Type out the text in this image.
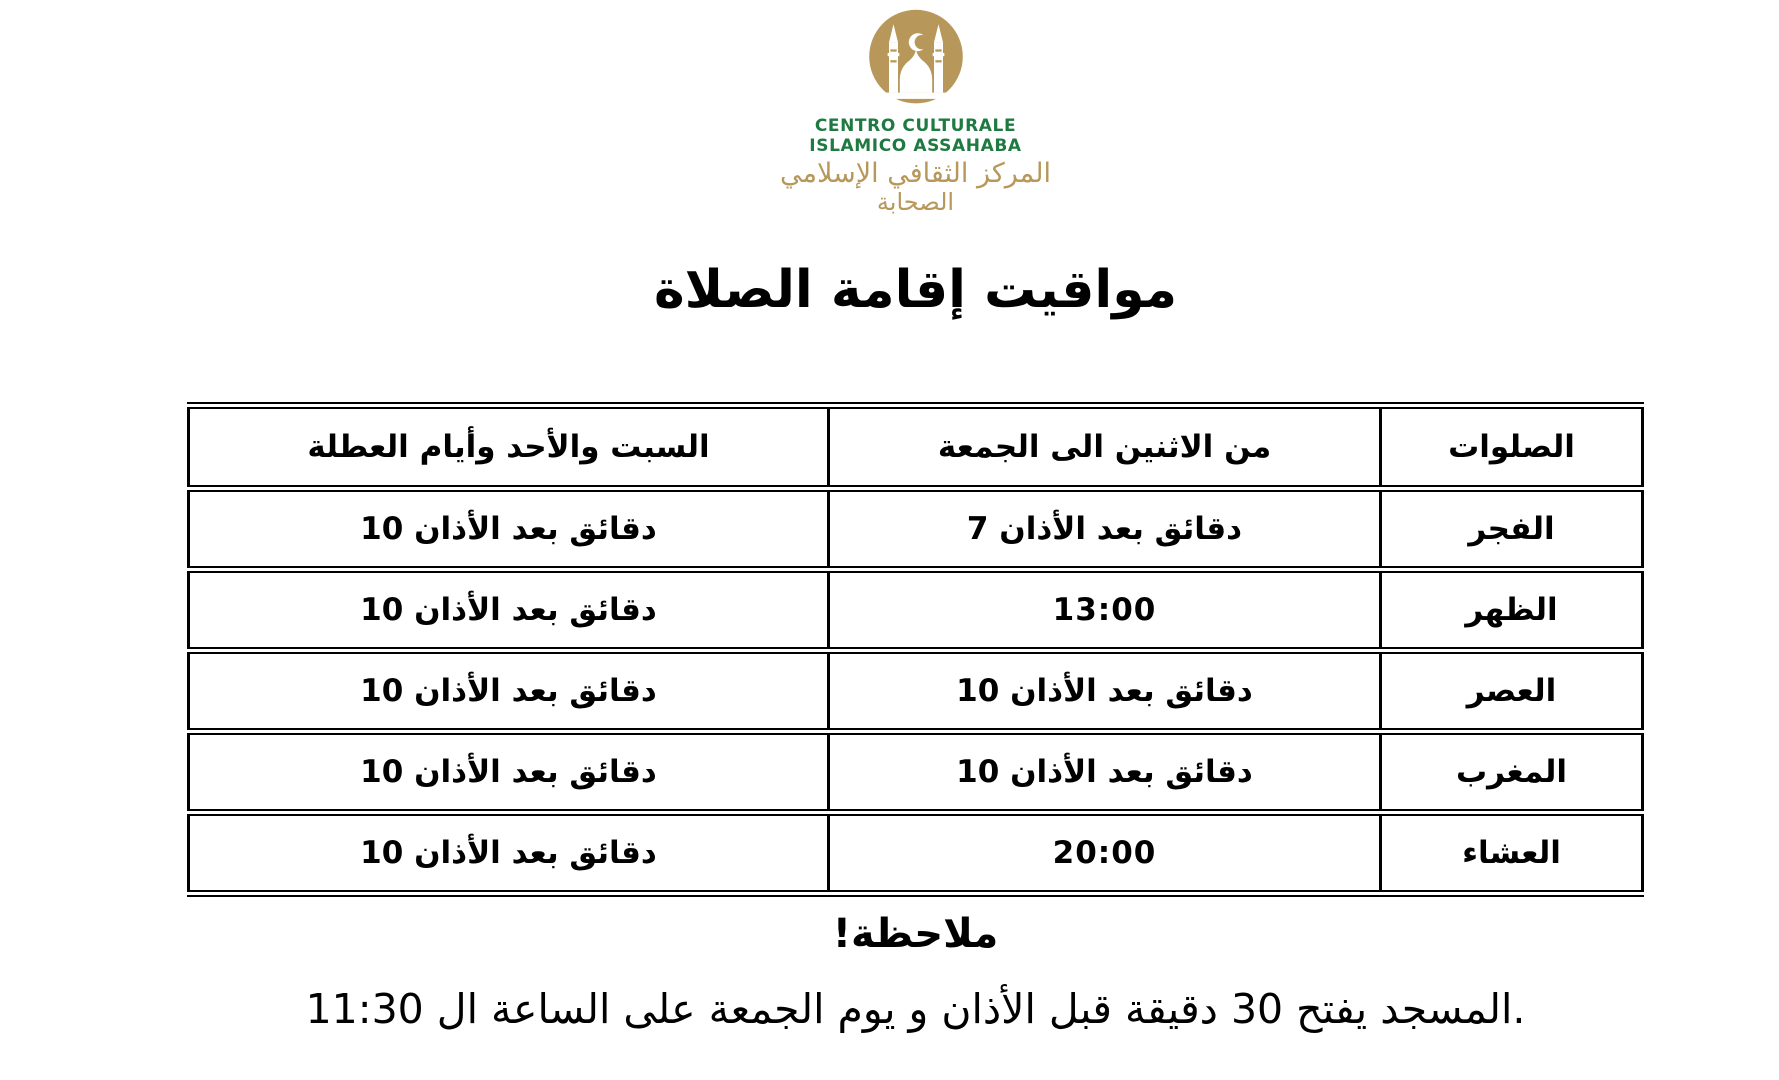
CENTRO CULTURALE
ISLAMICO ASSAHABA
المركز الثقافي الإسلامي
الصحابة
مواقيت إقامة الصلاة
الصلوات	من الاثنين الى الجمعة	السبت والأحد وأيام العطلة
الفجر	دقائق بعد الأذان 7	دقائق بعد الأذان 10
الظهر	13:00	دقائق بعد الأذان 10
العصر	دقائق بعد الأذان 10	دقائق بعد الأذان 10
المغرب	دقائق بعد الأذان 10	دقائق بعد الأذان 10
العشاء	20:00	دقائق بعد الأذان 10
ملاحظة!
.المسجد يفتح 30 دقيقة قبل الأذان و يوم الجمعة على الساعة ال 11:30
